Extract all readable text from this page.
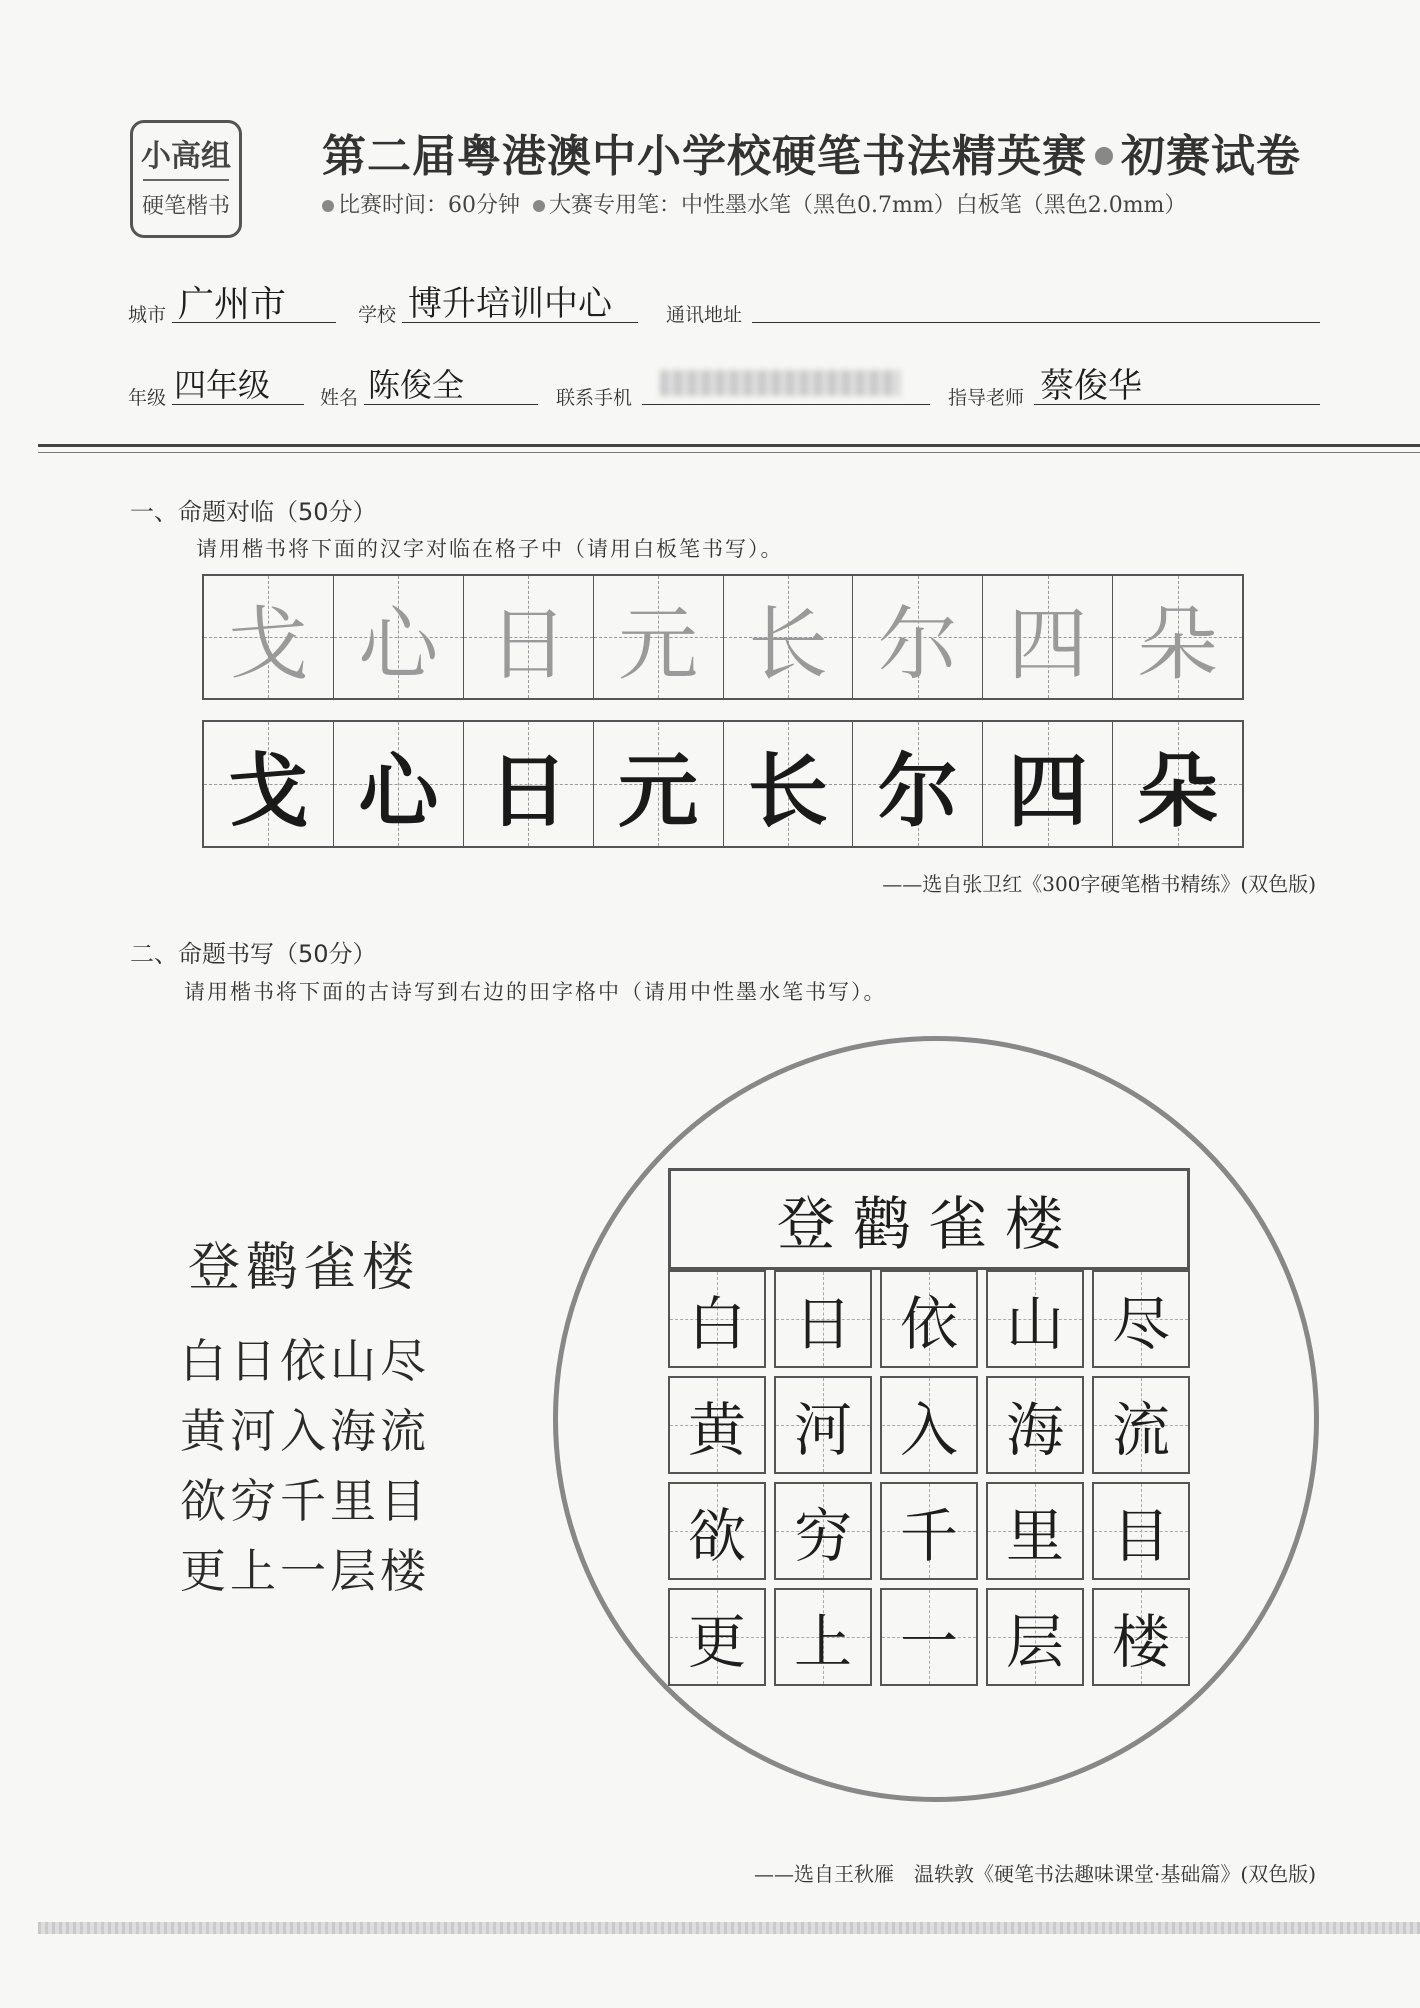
小高组
硬笔楷书
第二届粤港澳中小学校硬笔书法精英赛 初赛试卷
比赛时间：60分钟 大赛专用笔：中性墨水笔（黑色0.7mm）白板笔（黑色2.0mm）
城市 广州市	学校 博升培训中心	通讯地址
年级 四年级	姓名 陈俊全	联系手机	指导老师 蔡俊华
一、命题对临（50分）
请用楷书将下面的汉字对临在格子中（请用白板笔书写）。
戈 心 日 元 长 尔 四 朵
戈 心 日 元 长 尔 四 朵
——选自张卫红《300字硬笔楷书精练》(双色版)
二、命题书写（50分）
请用楷书将下面的古诗写到右边的田字格中（请用中性墨水笔书写）。
登鹳雀楼
白日依山尽
黄河入海流
欲穷千里目
更上一层楼
登鹳雀楼
白 日 依 山 尽
黄 河 入 海 流
欲 穷 千 里 目
更 上 一 层 楼
——选自王秋雁　温轶敦《硬笔书法趣味课堂·基础篇》(双色版)
